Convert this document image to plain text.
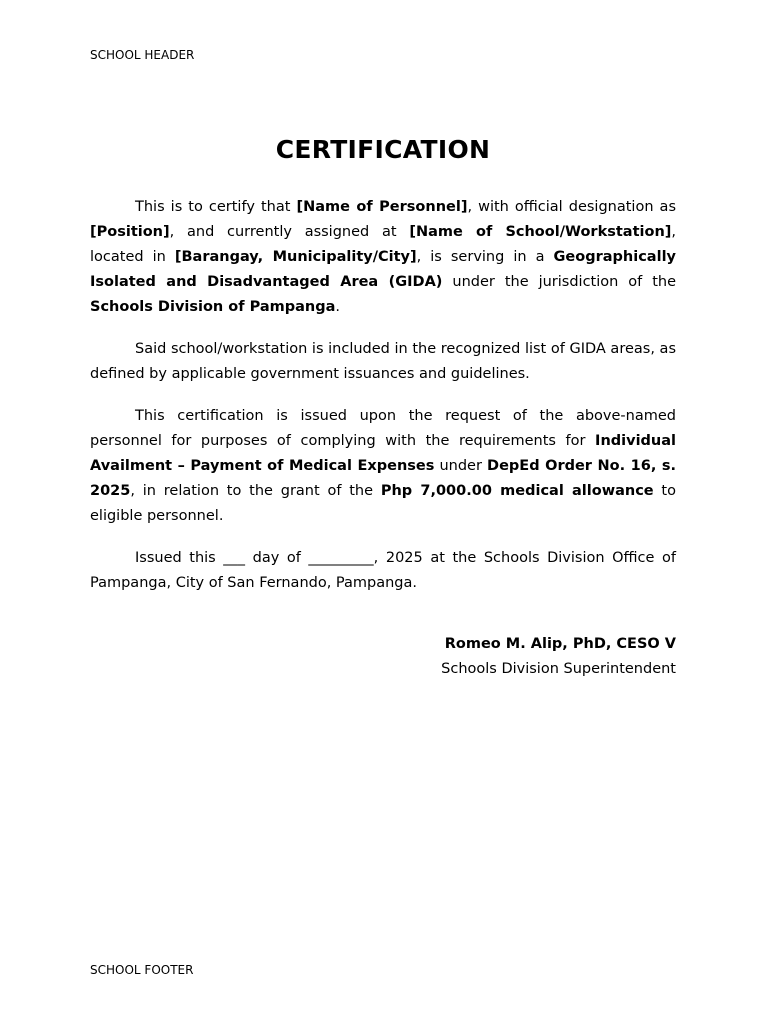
SCHOOL HEADER
CERTIFICATION

This is to certify that [Name of Personnel], with official designation as [Position], and currently assigned at [Name of School/Workstation], located in [Barangay, Municipality/City], is serving in a Geographically Isolated and Disadvantaged Area (GIDA) under the jurisdiction of the Schools Division of Pampanga.

Said school/workstation is included in the recognized list of GIDA areas, as defined by applicable government issuances and guidelines.

This certification is issued upon the request of the above-named personnel for purposes of complying with the requirements for Individual Availment – Payment of Medical Expenses under DepEd Order No. 16, s. 2025, in relation to the grant of the Php 7,000.00 medical allowance to eligible personnel.

Issued this ___ day of _________, 2025 at the Schools Division Office of Pampanga, City of San Fernando, Pampanga.

Romeo M. Alip, PhD, CESO V
Schools Division Superintendent
SCHOOL FOOTER
